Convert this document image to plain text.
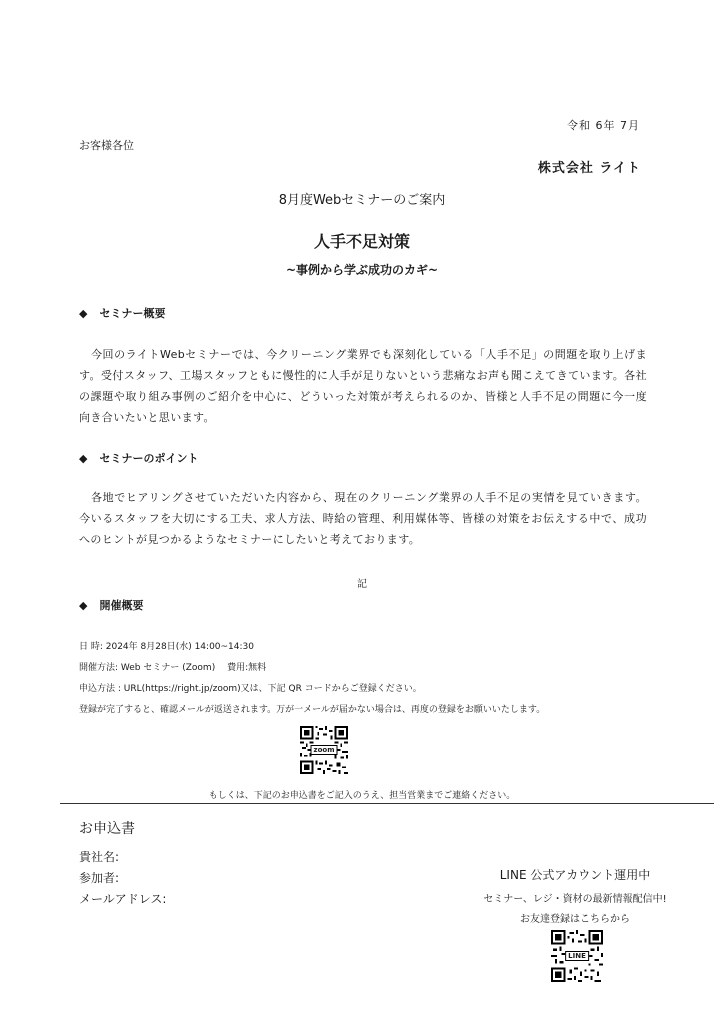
令和 6年 7月
お客様各位
株式会社 ライト
8月度Webセミナーのご案内
人手不足対策
~事例から学ぶ成功のカギ~
◆ セミナー概要
今回のライトWebセミナーでは、今クリーニング業界でも深刻化している「人手不足」の問題を取り上げます。受付スタッフ、工場スタッフともに慢性的に人手が足りないという悲痛なお声も聞こえてきています。各社の課題や取り組み事例のご紹介を中心に、どういった対策が考えられるのか、皆様と人手不足の問題に今一度向き合いたいと思います。
◆ セミナーのポイント
各地でヒアリングさせていただいた内容から、現在のクリーニング業界の人手不足の実情を見ていきます。今いるスタッフを大切にする工夫、求人方法、時給の管理、利用媒体等、皆様の対策をお伝えする中で、成功へのヒントが見つかるようなセミナーにしたいと考えております。
記
◆ 開催概要
日 時: 2024年 8月28日(水) 14:00~14:30
開催方法: Web セミナー (Zoom)　 費用:無料
申込方法 : URL(https://right.jp/zoom)又は、下記 QR コードからご登録ください。
登録が完了すると、確認メールが返送されます。万が一メールが届かない場合は、再度の登録をお願いいたします。
zoom
もしくは、下記のお申込書をご記入のうえ、担当営業までご連絡ください。
お申込書
貴社名:
参加者:
メールアドレス:
LINE 公式アカウント運用中
セミナー、レジ・資材の最新情報配信中!
お友達登録はこちらから
LINE
